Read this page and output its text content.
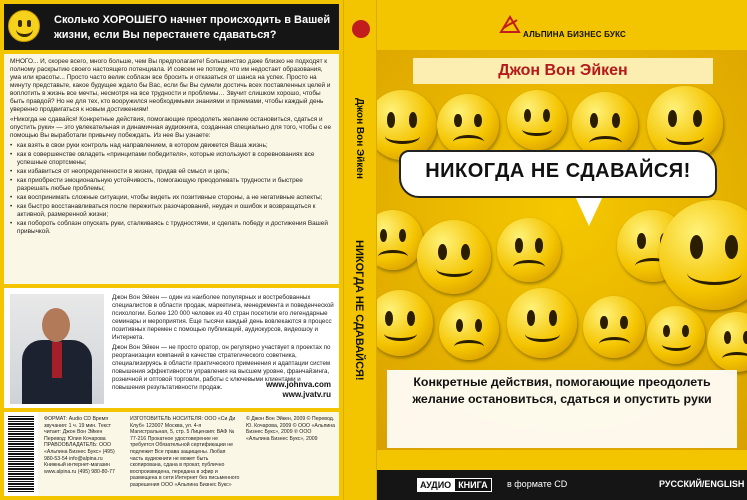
Сколько ХОРОШЕГО начнет происходить в Вашей жизни, если Вы перестанете сдаваться?

МНОГО... И, скорее всего, много больше, чем Вы предполагаете! Большинство даже близко не подходят к полному раскрытию своего настоящего потенциала. И совсем не потому, что им недостает образования, ума или красоты... Просто часто велик соблазн все бросить и отказаться от шанса на успех. Просто на минуту представьте, какое будущее ждало бы Вас, если бы Вы сумели достичь всех поставленных целей и воплотить в жизнь все мечты, несмотря на все трудности и проблемы… Звучит слишком хорошо, чтобы быть правдой? Но не для тех, кто вооружился необходимыми знаниями и приемами, чтобы каждый день уверенно продвигаться к новым достижениям!

«Никогда не сдавайся! Конкретные действия, помогающие преодолеть желание остановиться, сдаться и опустить руки» — это увлекательная и динамичная аудиокнига, созданная специально для того, чтобы с ее помощью Вы выработали привычку побеждать. Из нее Вы узнаете:

• как взять в свои руки контроль над направлением, в котором движется Ваша жизнь;
• как в совершенстве овладеть «принципами победителя», которые используют в соревнованиях все успешные спортсмены;
• как избавиться от неопределенности в жизни, придав ей смысл и цель;
• как приобрести эмоциональную устойчивость, помогающую преодолевать трудности и быстрее разрешать любые проблемы;
• как воспринимать сложные ситуации, чтобы видеть их позитивные стороны, а не негативные аспекты;
• как быстро восстанавливаться после пережитых разочарований, неудач и ошибок и возвращаться к активной, размеренной жизни;
• как побороть соблазн опускать руки, сталкиваясь с трудностями, и сделать победу и достижения Вашей привычкой.

Джон Вон Эйкен — один из наиболее популярных и востребованных специалистов в области продаж, маркетинга, менеджмента и поведенческой психологии. Более 120 000 человек из 40 стран посетили его легендарные семинары и мероприятия. Еще тысячи каждый день вовлекаются в процесс позитивных перемен с помощью публикаций, аудиокурсов, видеошоу и Интернета.

Джон Вон Эйкен — не просто оратор, он регулярно участвует в проектах по реорганизации компаний в качестве стратегического советника, специализируясь в области практического применения и адаптации систем повышения эффективности управления на высшем уровне, франчайзинга, розничной и оптовой торговли, работы с ключевыми клиентами и повышения результативности продаж.	www.johnva.com
www.jvatv.ru
ФОРМАТ: Audio CD Время звучания: 1 ч. 19 мин. Текст читает: Джон Вон Эйкен Перевод: Юлия Кочарова ПРАВООБЛАДАТЕЛЬ: ООО «Альпина Бизнес Букс» (495) 980-53-54 info@alpina.ru Книжный интернет-магазин www.alpina.ru (495) 980-80-77
ИЗГОТОВИТЕЛЬ НОСИТЕЛЯ: ООО «Си Ди Клуб» 123007 Москва, ул. 4-я Магистральная, 5, стр. 5 Лицензия: ВАФ № 77-216 Прокатное удостоверение не требуется Обязательной сертификации не подлежит Все права защищены. Любая часть аудиокниги не может быть скопирована, сдана в прокат, публично воспроизведена, передана в эфир и размещена в сети Интернет без письменного разрешения ООО «Альпина Бизнес Букс»
© Джон Вон Эйкен, 2009 © Перевод. Ю. Кочарова, 2009 © ООО «Альпина Бизнес Букс», 2009 ℗ ООО «Альпина Бизнес Букс», 2009
Джон Вон Эйкен
НИКОГДА НЕ СДАВАЙСЯ!
АЛЬПИНА БИЗНЕС БУКС
Джон Вон Эйкен
НИКОГДА НЕ СДАВАЙСЯ!
Конкретные действия, помогающие преодолеть желание остановиться, сдаться и опустить руки
АУДИО КНИГА	в формате CD	РУССКИЙ/ENGLISH
